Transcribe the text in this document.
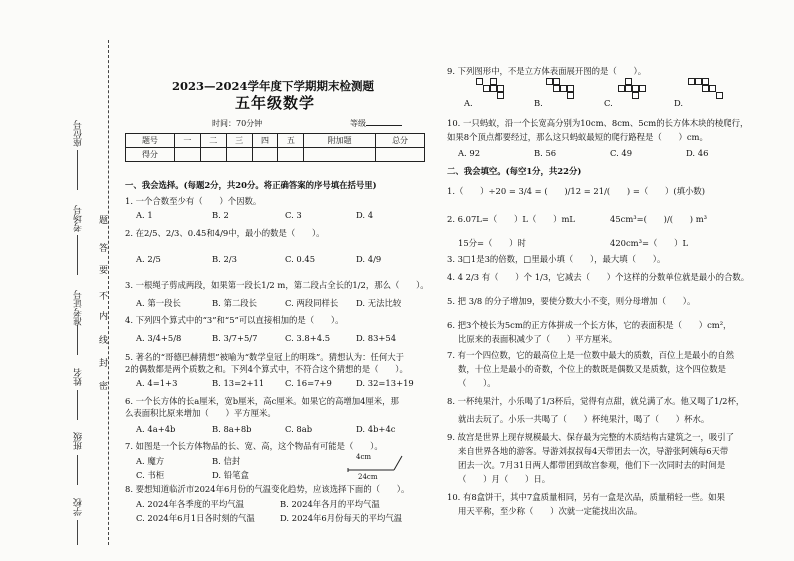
座位号
考场号
准考证号
姓名
班级
学校
题
答
要
不
内
线
封
密
2023—2024学年度下学期期末检测题
五年级数学
时间：70分钟	等级
题号	一	二	三	四	五	附加题	总分
得分							
一、我会选择。(每题2分，共20分。将正确答案的序号填在括号里)
1. 一个合数至少有（　　）个因数。
A. 1	B. 2	C. 3	D. 4
2. 在2/5、2/3、0.45和4/9中，最小的数是（　　）。
A. 2/5	B. 2/3	C. 0.45	D. 4/9
3. 一根绳子剪成两段，如果第一段长1/2 m，第二段占全长的1/2，那么（　　）。
A. 第一段长	B. 第二段长	C. 两段同样长 D. 无法比较
4. 下列四个算式中的“3”和“5”可以直接相加的是（　　）。
A. 3/4+5/8	B. 3/7+5/7	C. 3.8+4.5	D. 83+54
5. 著名的“哥德巴赫猜想”被喻为“数学皇冠上的明珠”。猜想认为：任何大于
2的偶数都是两个质数之和。下列4个算式中，不符合这个猜想的是（　　）。
A. 4=1+3	B. 13=2+11 C. 16=7+9	D. 32=13+19
6. 一个长方体的长a厘米，宽b厘米，高c厘米。如果它的高增加4厘米，那
么表面积比原来增加（　　）平方厘米。
A. 4a+4b	B. 8a+8b	C. 8ab	D. 4b+4c
7. 如图是一个长方体物品的长、宽、高，这个物品有可能是（　　）。
A. 魔方	B. 信封
C. 书柜	D. 铅笔盒
4cm
24cm
8. 要想知道临沂市2024年6月份的气温变化趋势，应该选择下面的（　　）。
A. 2024年各季度的平均气温	B. 2024年各月的平均气温
C. 2024年6月1日各时刻的气温	D. 2024年6月份每天的平均气温
9. 下列图形中，不是立方体表面展开图的是（　　）。
A.	B.	C.	D.
10. 一只蚂蚁，沿一个长宽高分别为10cm、8cm、5cm的长方体木块的棱爬行，
如果8个顶点都要经过，那么这只蚂蚁最短的爬行路程是（　　）cm。
A. 92	B. 56	C. 49	D. 46
二、我会填空。(每空1分，共22分)
1.（　　）÷20 = 3/4 = (　　)/12 = 21/(　　) =（　　）(填小数)
2. 6.07L=（　　）L（　　）mL	45cm³=(　　)/(　　) m³
15分=（　　）时	420cm³=（　　）L
3. 3□1是3的倍数，□里最小填（　　），最大填（　　）。
4. 4 2/3 有（　　）个 1/3，它减去（　　）个这样的分数单位就是最小的合数。
5. 把 3/8 的分子增加9，要使分数大小不变，则分母增加（　　）。
6. 把3个棱长为5cm的正方体拼成一个长方体，它的表面积是（　　）cm²，
比原来的表面积减少了（　　）平方厘米。
7. 有一个四位数，它的最高位上是一位数中最大的质数，百位上是最小的自然
数，十位上是最小的奇数，个位上的数既是偶数又是质数，这个四位数是
（　　）。
8. 一杯纯果汁，小乐喝了1/3杯后，觉得有点甜，就兑满了水。他又喝了1/2杯，
就出去玩了。小乐一共喝了（　　）杯纯果汁，喝了（　　）杯水。
9. 故宫是世界上现存规模最大、保存最为完整的木质结构古建筑之一，吸引了
来自世界各地的游客。导游刘叔叔每4天带团去一次，导游张阿姨每6天带
团去一次。7月31日两人都带团到故宫参观，他们下一次同时去的时间是
（　　）月（　　）日。
10. 有8盒饼干，其中7盒质量相同，另有一盒是次品，质量稍轻一些。如果
用天平称，至少称（　　）次就一定能找出次品。
